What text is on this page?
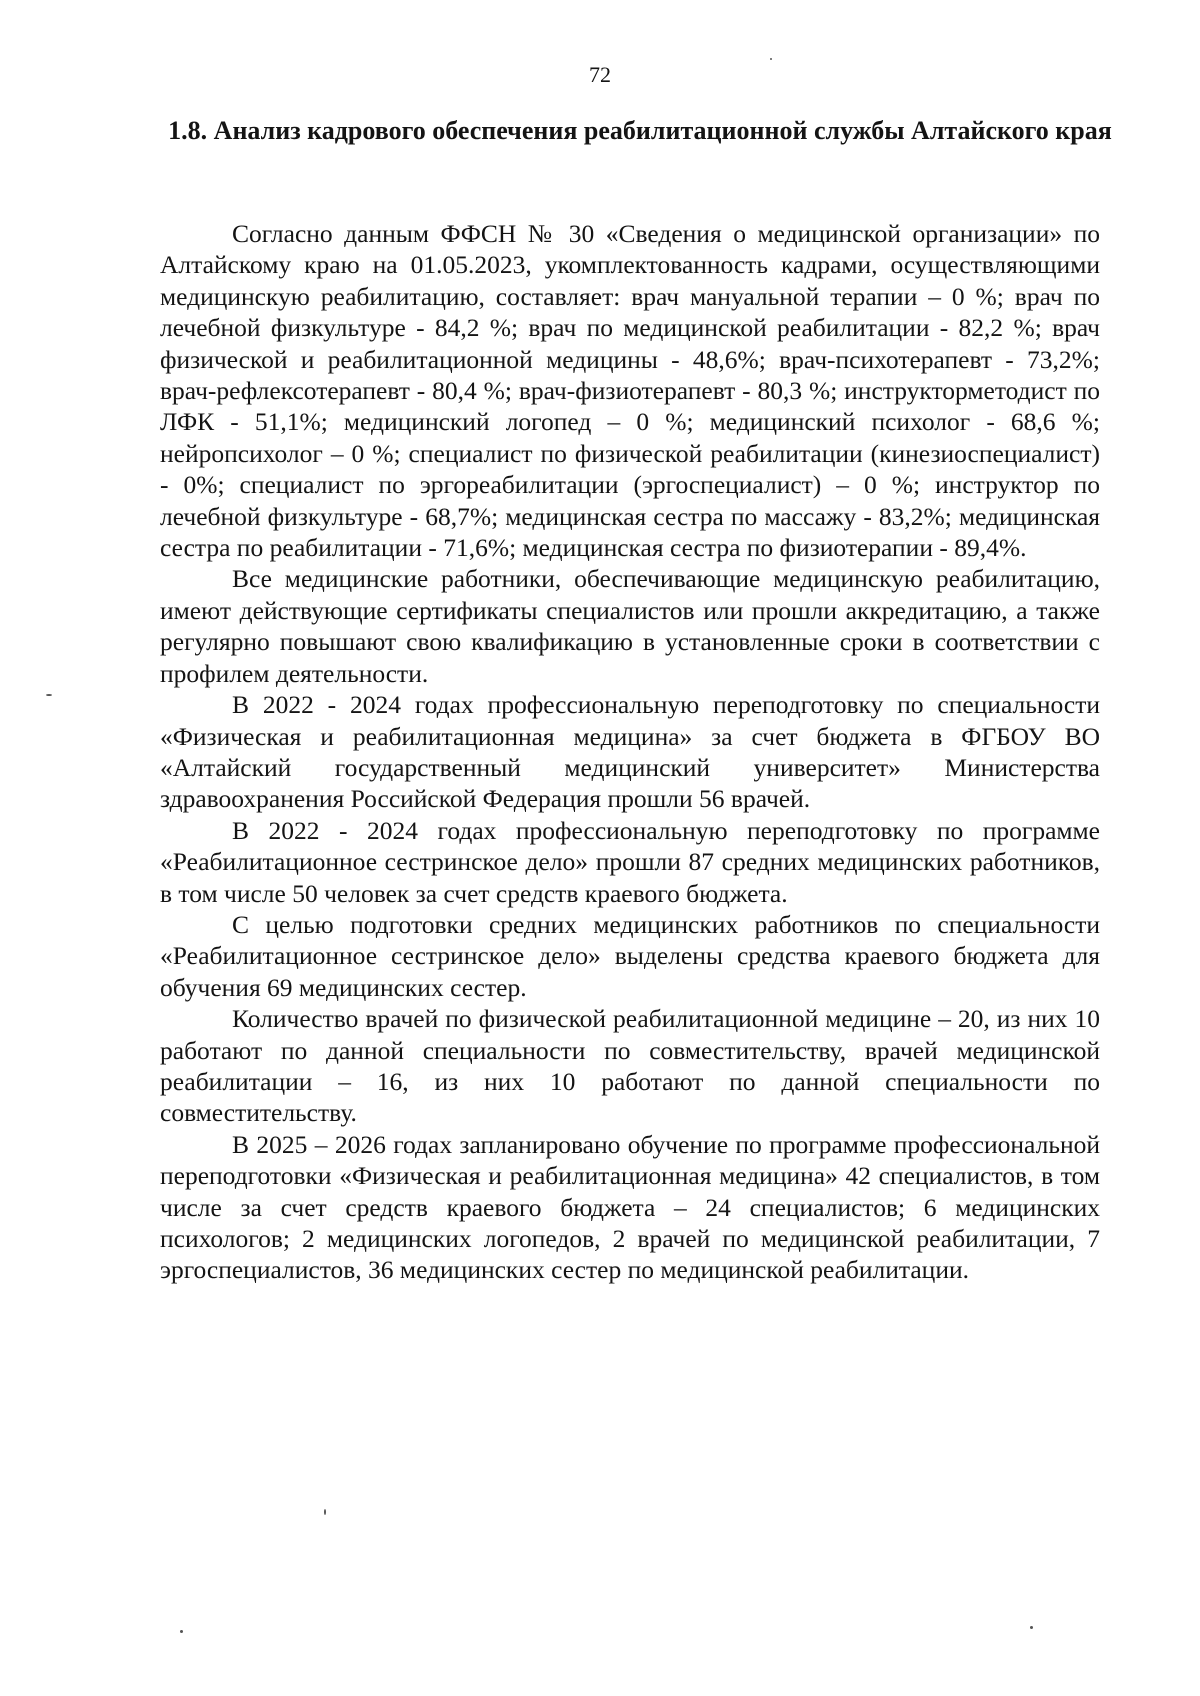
72
1.8. Анализ кадрового обеспечения реабилитационной службы Алтайского края

Согласно данным ФФСН № 30 «Сведения о медицинской организации» по Алтайскому краю на 01.05.2023, укомплектованность кадрами, осуществляющими медицинскую реабилитацию, составляет: врач мануальной терапии – 0 %; врач по лечебной физкультуре - 84,2 %; врач по медицинской реабилитации - 82,2 %; врач физической и реабилитационной медицины - 48,6%; врач-психотерапевт - 73,2%; врач-рефлексотерапевт - 80,4 %; врач-физиотерапевт - 80,3 %; инструкторметодист по ЛФК - 51,1%; медицинский логопед – 0 %; медицинский психолог - 68,6 %; нейропсихолог – 0 %; специалист по физической реабилитации (кинезиоспециалист) - 0%; специалист по эргореабилитации (эргоспециалист) – 0 %; инструктор по лечебной физкультуре - 68,7%; медицинская сестра по массажу - 83,2%; медицинская сестра по реабилитации - 71,6%; медицинская сестра по физиотерапии - 89,4%.

Все медицинские работники, обеспечивающие медицинскую реабилитацию, имеют действующие сертификаты специалистов или прошли аккредитацию, а также регулярно повышают свою квалификацию в установленные сроки в соответствии с профилем деятельности.

В 2022 - 2024 годах профессиональную переподготовку по специальности «Физическая и реабилитационная медицина» за счет бюджета в ФГБОУ ВО «Алтайский государственный медицинский университет» Министерства здравоохранения Российской Федерация прошли 56 врачей.

В 2022 - 2024 годах профессиональную переподготовку по программе «Реабилитационное сестринское дело» прошли 87 средних медицинских работников, в том числе 50 человек за счет средств краевого бюджета.

С целью подготовки средних медицинских работников по специальности «Реабилитационное сестринское дело» выделены средства краевого бюджета для обучения 69 медицинских сестер.

Количество врачей по физической реабилитационной медицине – 20, из них 10 работают по данной специальности по совместительству, врачей медицинской реабилитации – 16, из них 10 работают по данной специальности по совместительству.

В 2025 – 2026 годах запланировано обучение по программе профессиональной переподготовки «Физическая и реабилитационная медицина» 42 специалистов, в том числе за счет средств краевого бюджета – 24 специалистов; 6 медицинских психологов; 2 медицинских логопедов, 2 врачей по медицинской реабилитации, 7 эргоспециалистов, 36 медицинских сестер по медицинской реабилитации.
